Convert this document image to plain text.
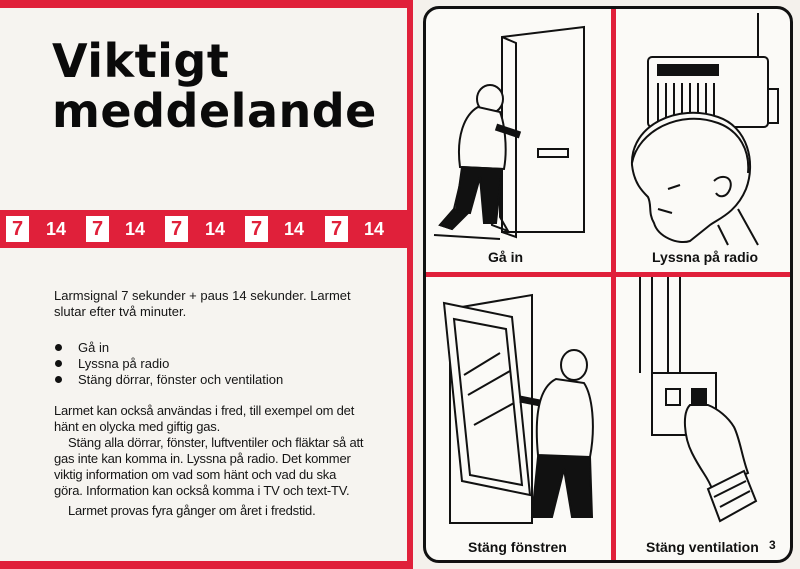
Viktigt
meddelande
7	14 7	14 7	14 7	14 7	14
Larmsignal 7 sekunder + paus 14 sekunder. Larmet slutar efter två minuter.
Gå in
Lyssna på radio
Stäng dörrar, fönster och ventilation
Larmet kan också användas i fred, till exempel om det hänt en olycka med giftig gas.
Stäng alla dörrar, fönster, luftventiler och fläktar så att gas inte kan komma in. Lyssna på radio. Det kommer viktig information om vad som hänt och vad du ska göra. Information kan också komma i TV och text-TV.
Larmet provas fyra gånger om året i fredstid.
Gå in	Lyssna på radio
Stäng fönstren	Stäng ventilation 3
